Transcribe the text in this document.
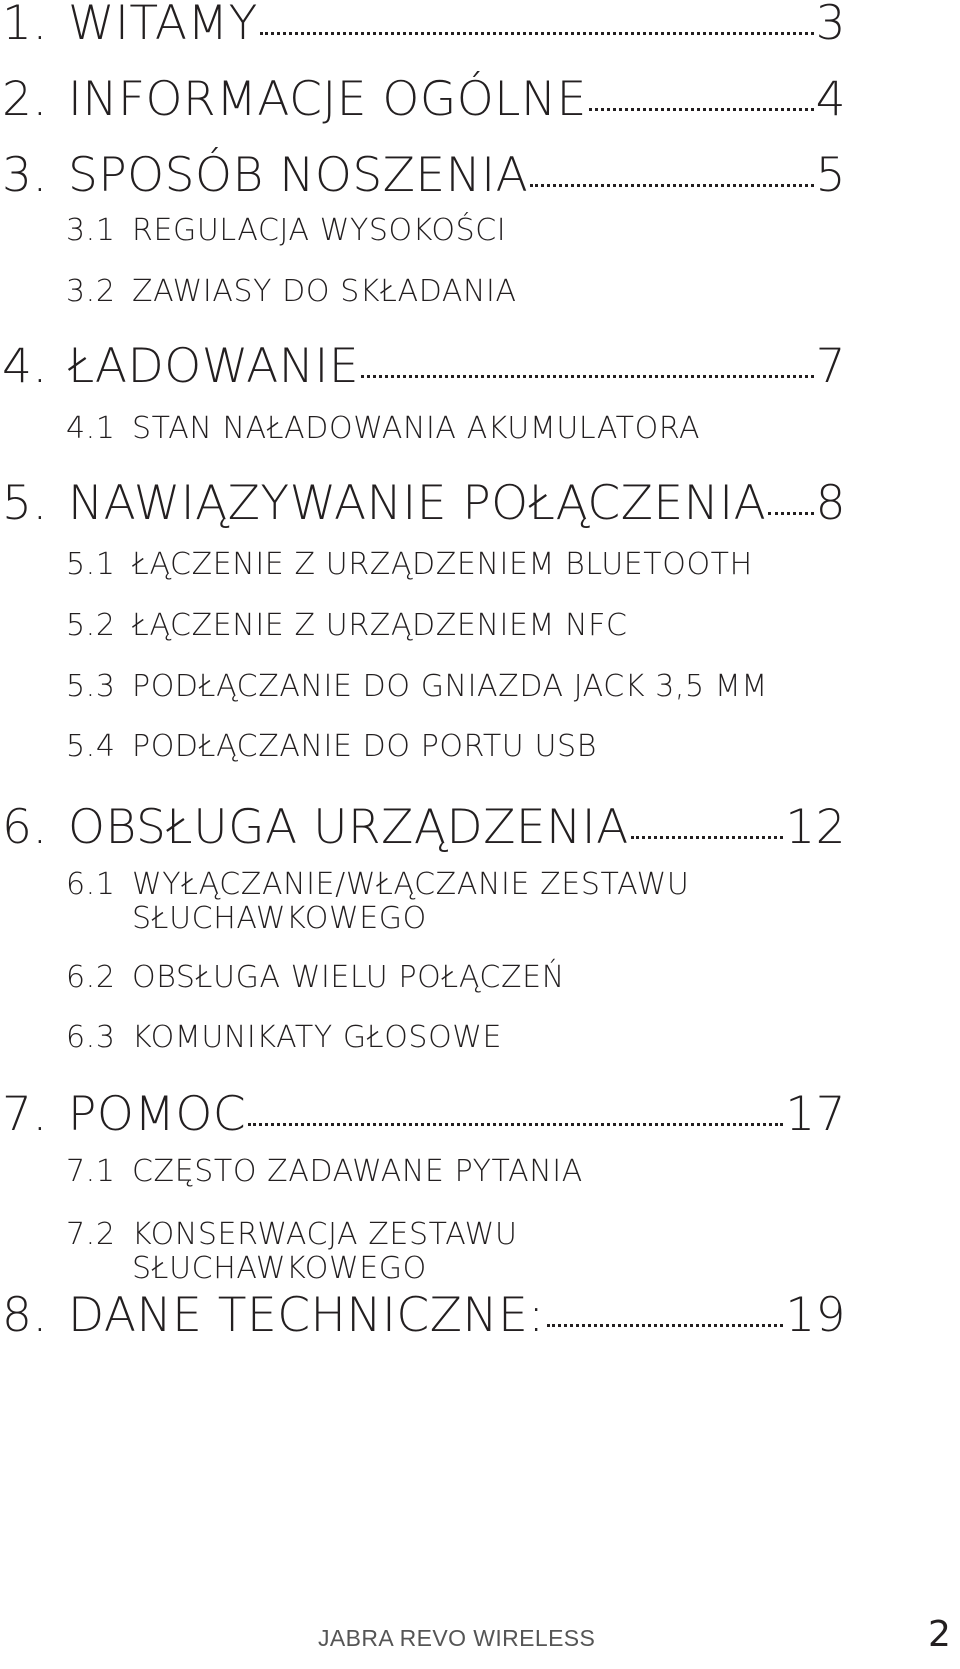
1. WITAMY	3
2. INFORMACJE OGÓLNE	4
3. SPOSÓB NOSZENIA	5
3.1 REGULACJA WYSOKOŚCI
3.2 ZAWIASY DO SKŁADANIA
4. ŁADOWANIE	7
4.1 STAN NAŁADOWANIA AKUMULATORA
5. NAWIĄZYWANIE POŁĄCZENIA 8
5.1 ŁĄCZENIE Z URZĄDZENIEM BLUETOOTH
5.2 ŁĄCZENIE Z URZĄDZENIEM NFC
5.3 PODŁĄCZANIE DO GNIAZDA JACK 3,5 MM
5.4 PODŁĄCZANIE DO PORTU USB
6. OBSŁUGA URZĄDZENIA	12
6.1 WYŁĄCZANIE/WŁĄCZANIE ZESTAWU SŁUCHAWKOWEGO
6.2 OBSŁUGA WIELU POŁĄCZEŃ
6.3 KOMUNIKATY GŁOSOWE
7. POMOC	17
7.1 CZĘSTO ZADAWANE PYTANIA
7.2 KONSERWACJA ZESTAWU SŁUCHAWKOWEGO
8. DANE TECHNICZNE:	19
JABRA REVO WIRELESS	2
